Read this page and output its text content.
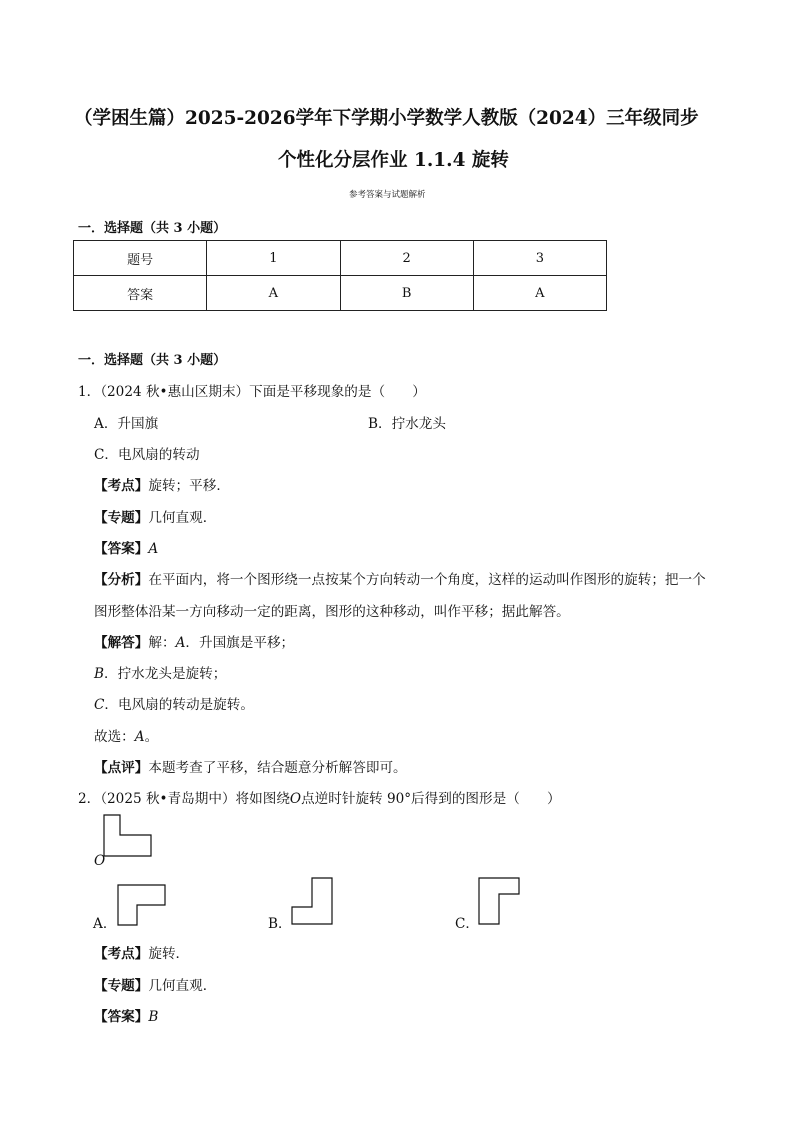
（学困生篇）2025-2026学年下学期小学数学人教版（2024）三年级同步
个性化分层作业 1.1.4 旋转
参考答案与试题解析
一．选择题（共 3 小题）
题号	1	2	3
答案	A	B	A
一．选择题（共 3 小题）
1．（2024 秋•惠山区期末）下面是平移现象的是（　　）
A．升国旗	B．拧水龙头
C．电风扇的转动
【考点】旋转；平移．
【专题】几何直观．
【答案】A
【分析】在平面内，将一个图形绕一点按某个方向转动一个角度，这样的运动叫作图形的旋转；把一个
图形整体沿某一方向移动一定的距离，图形的这种移动，叫作平移；据此解答。
【解答】解：A．升国旗是平移；
B．拧水龙头是旋转；
C．电风扇的转动是旋转。
故选：A。
【点评】本题考查了平移，结合题意分析解答即可。
2．（2025 秋•青岛期中）将如图绕O点逆时针旋转 90°后得到的图形是（　　）
O
A．	B．	C．
【考点】旋转．
【专题】几何直观．
【答案】B
